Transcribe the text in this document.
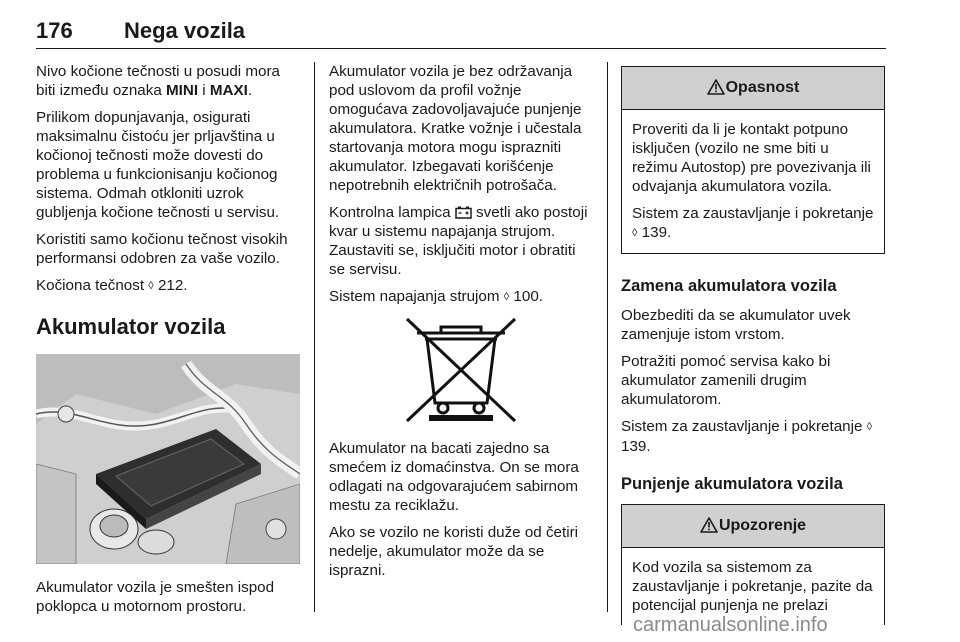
176 Nega vozila

Nivo kočione tečnosti u posudi mora biti između oznaka MINI i MAXI.

Prilikom dopunjavanja, osigurati maksimalnu čistoću jer prljavština u kočionoj tečnosti može dovesti do problema u funkcionisanju kočionog sistema. Odmah otkloniti uzrok gubljenja kočione tečnosti u servisu.

Koristiti samo kočionu tečnost visokih performansi odobren za vaše vozilo.

Kočiona tečnost ◊ 212.

Akumulator vozila

Akumulator vozila je smešten ispod poklopca u motornom prostoru.

Akumulator vozila je bez održavanja pod uslovom da profil vožnje omogućava zadovoljavajuće punjenje akumulatora. Kratke vožnje i učestala startovanja motora mogu isprazniti akumulator. Izbegavati korišćenje nepotrebnih električnih potrošača.

Kontrolna lampica  svetli ako postoji kvar u sistemu napajanja strujom. Zaustaviti se, isključiti motor i obratiti se servisu.

Sistem napajanja strujom ◊ 100.

Akumulator na bacati zajedno sa smećem iz domaćinstva. On se mora odlagati na odgovarajućem sabirnom mestu za reciklažu.

Ako se vozilo ne koristi duže od četiri nedelje, akumulator može da se isprazni.

Opasnost

Proveriti da li je kontakt potpuno isključen (vozilo ne sme biti u režimu Autostop) pre povezivanja ili odvajanja akumulatora vozila.

Sistem za zaustavljanje i pokretanje ◊ 139.

Zamena akumulatora vozila

Obezbediti da se akumulator uvek zamenjuje istom vrstom.

Potražiti pomoć servisa kako bi akumulator zamenili drugim akumulatorom.

Sistem za zaustavljanje i pokretanje ◊ 139.

Punjenje akumulatora vozila
Upozorenje

Kod vozila sa sistemom za zaustavljanje i pokretanje, pazite da potencijal punjenja ne prelazi

carmanualsonline.info
